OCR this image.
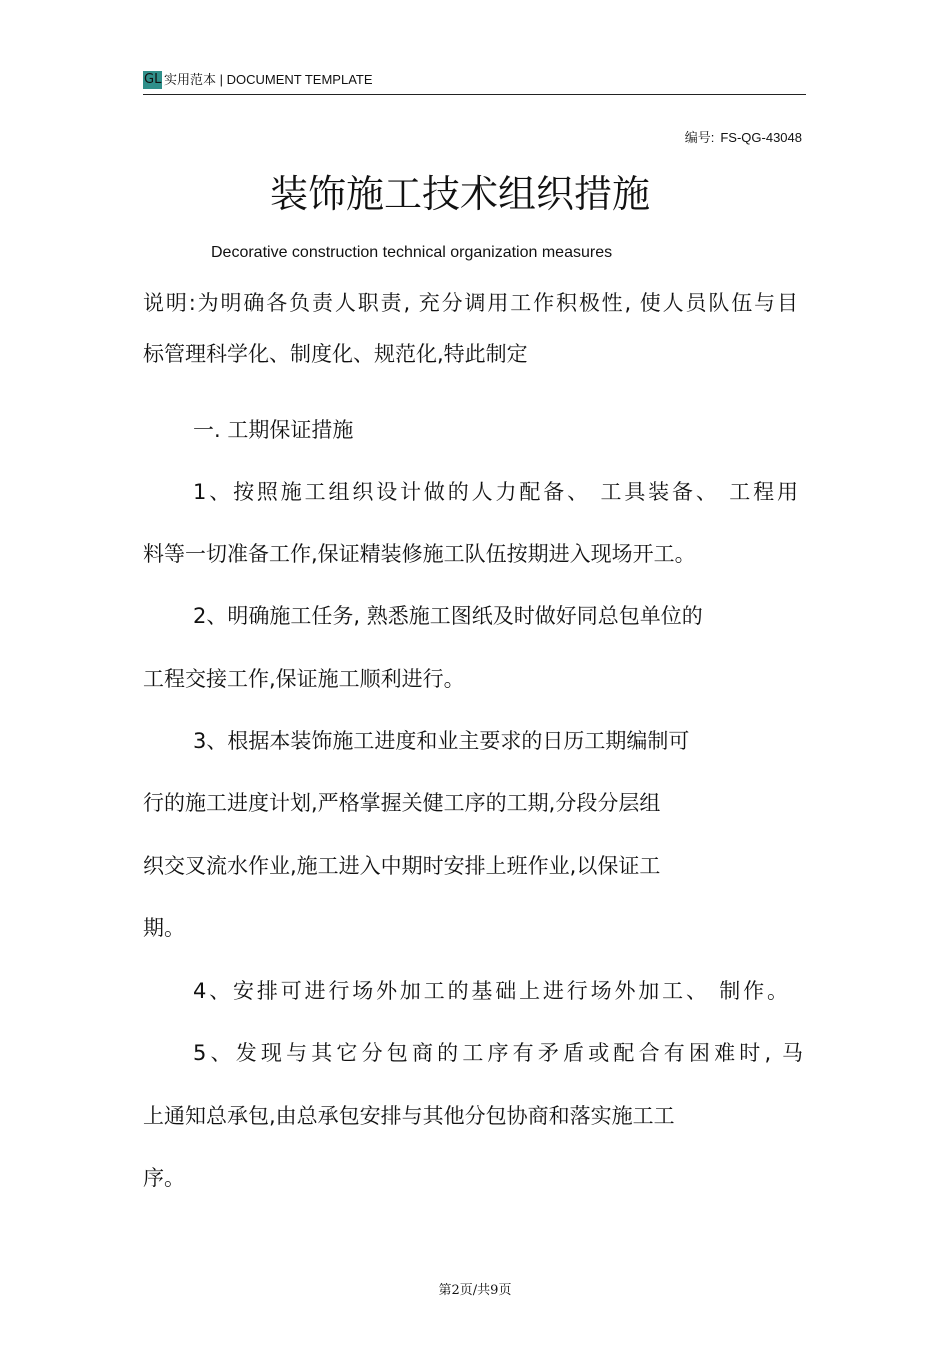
GL 实用范本 | DOCUMENT TEMPLATE
编号: FS-QG-43048
装饰施工技术组织措施
Decorative construction technical organization measures
说明:为明确各负责人职责, 充分调用工作积极性, 使人员队伍与目
标管理科学化、制度化、规范化,特此制定
一. 工期保证措施
1、按照施工组织设计做的人力配备、 工具装备、 工程用
料等一切准备工作,保证精装修施工队伍按期进入现场开工。
2、明确施工任务, 熟悉施工图纸及时做好同总包单位的
工程交接工作,保证施工顺利进行。
3、根据本装饰施工进度和业主要求的日历工期编制可
行的施工进度计划,严格掌握关健工序的工期,分段分层组
织交叉流水作业,施工进入中期时安排上班作业,以保证工
期。
4、安排可进行场外加工的基础上进行场外加工、 制作。
5、发现与其它分包商的工序有矛盾或配合有困难时, 马
上通知总承包,由总承包安排与其他分包协商和落实施工工
序。
第2页/共9页
